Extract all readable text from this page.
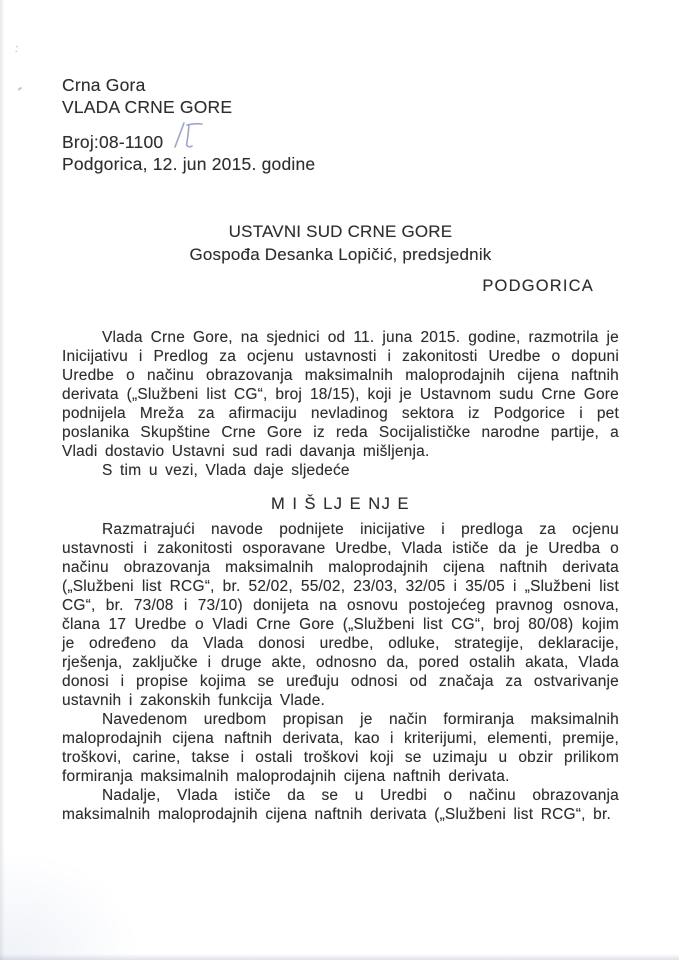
:
Crna Gora
VLADA CRNE GORE
Broj:08-1100
Podgorica, 12. jun 2015. godine
USTAVNI SUD CRNE GORE
Gospođa Desanka Lopičić, predsjednik
PODGORICA

Vlada Crne Gore, na sjednici od 11. juna 2015. godine, razmotrila je Inicijativu i Predlog za ocjenu ustavnosti i zakonitosti Uredbe o dopuni Uredbe o načinu obrazovanja maksimalnih maloprodajnih cijena naftnih derivata („Službeni list CG“, broj 18/15), koji je Ustavnom sudu Crne Gore podnijela Mreža za afirmaciju nevladinog sektora iz Podgorice i pet poslanika Skupštine Crne Gore iz reda Socijalističke narodne partije, a Vladi dostavio Ustavni sud radi davanja mišljenja.

S tim u vezi, Vlada daje sljedeće

M I Š LJ E NJ E

Razmatrajući navode podnijete inicijative i predloga za ocjenu ustavnosti i zakonitosti osporavane Uredbe, Vlada ističe da je Uredba o načinu obrazovanja maksimalnih maloprodajnih cijena naftnih derivata („Službeni list RCG“, br. 52/02, 55/02, 23/03, 32/05 i 35/05 i „Službeni list CG“, br. 73/08 i 73/10) donijeta na osnovu postojećeg pravnog osnova, člana 17 Uredbe o Vladi Crne Gore („Službeni list CG“, broj 80/08) kojim je određeno da Vlada donosi uredbe, odluke, strategije, deklaracije, rješenja, zaključke i druge akte, odnosno da, pored ostalih akata, Vlada donosi i propise kojima se uređuju odnosi od značaja za ostvarivanje ustavnih i zakonskih funkcija Vlade.

Navedenom uredbom propisan je način formiranja maksimalnih maloprodajnih cijena naftnih derivata, kao i kriterijumi, elementi, premije, troškovi, carine, takse i ostali troškovi koji se uzimaju u obzir prilikom formiranja maksimalnih maloprodajnih cijena naftnih derivata.

Nadalje, Vlada ističe da se u Uredbi o načinu obrazovanja maksimalnih maloprodajnih cijena naftnih derivata („Službeni list RCG“, br.
